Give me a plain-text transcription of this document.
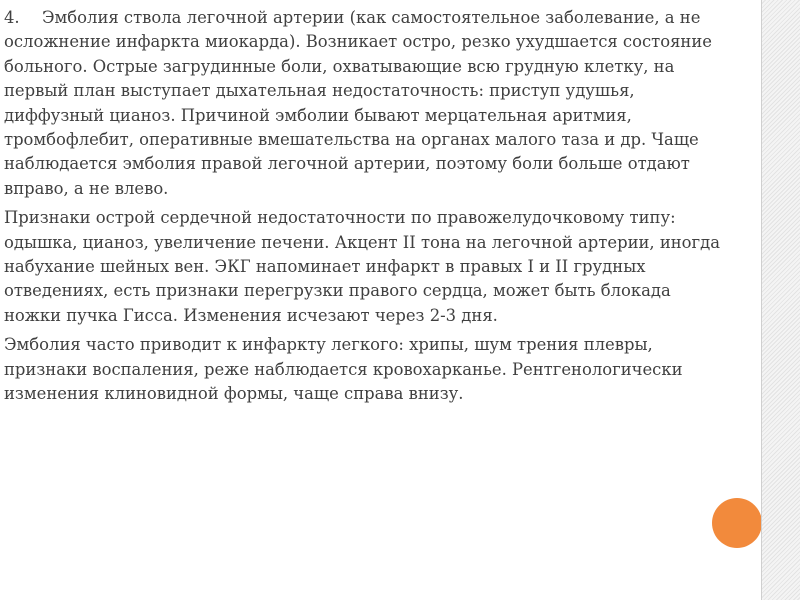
4. Эмболия ствола легочной артерии (как самостоятельное заболевание, а не осложнение инфаркта миокарда). Возникает остро, резко ухудшается состояние больного. Острые загрудинные боли, охватывающие всю грудную клетку, на первый план выступает дыхательная недостаточность: приступ удушья, диффузный цианоз. Причиной эмболии бывают мерцательная аритмия, тромбофлебит, оперативные вмешательства на органах малого таза и др. Чаще наблюдается эмболия правой легочной артерии, поэтому боли больше отдают вправо, а не влево.

Признаки острой сердечной недостаточности по правожелудочковому типу: одышка, цианоз, увеличение печени. Акцент II тона на легочной артерии, иногда набухание шейных вен. ЭКГ напоминает инфаркт в правых I и II грудных отведениях, есть признаки перегрузки правого сердца, может быть блокада ножки пучка Гисса. Изменения исчезают через 2-3 дня.

Эмболия часто приводит к инфаркту легкого: хрипы, шум трения плевры, признаки воспаления, реже наблюдается кровохарканье. Рентгенологически изменения клиновидной формы, чаще справа внизу.
